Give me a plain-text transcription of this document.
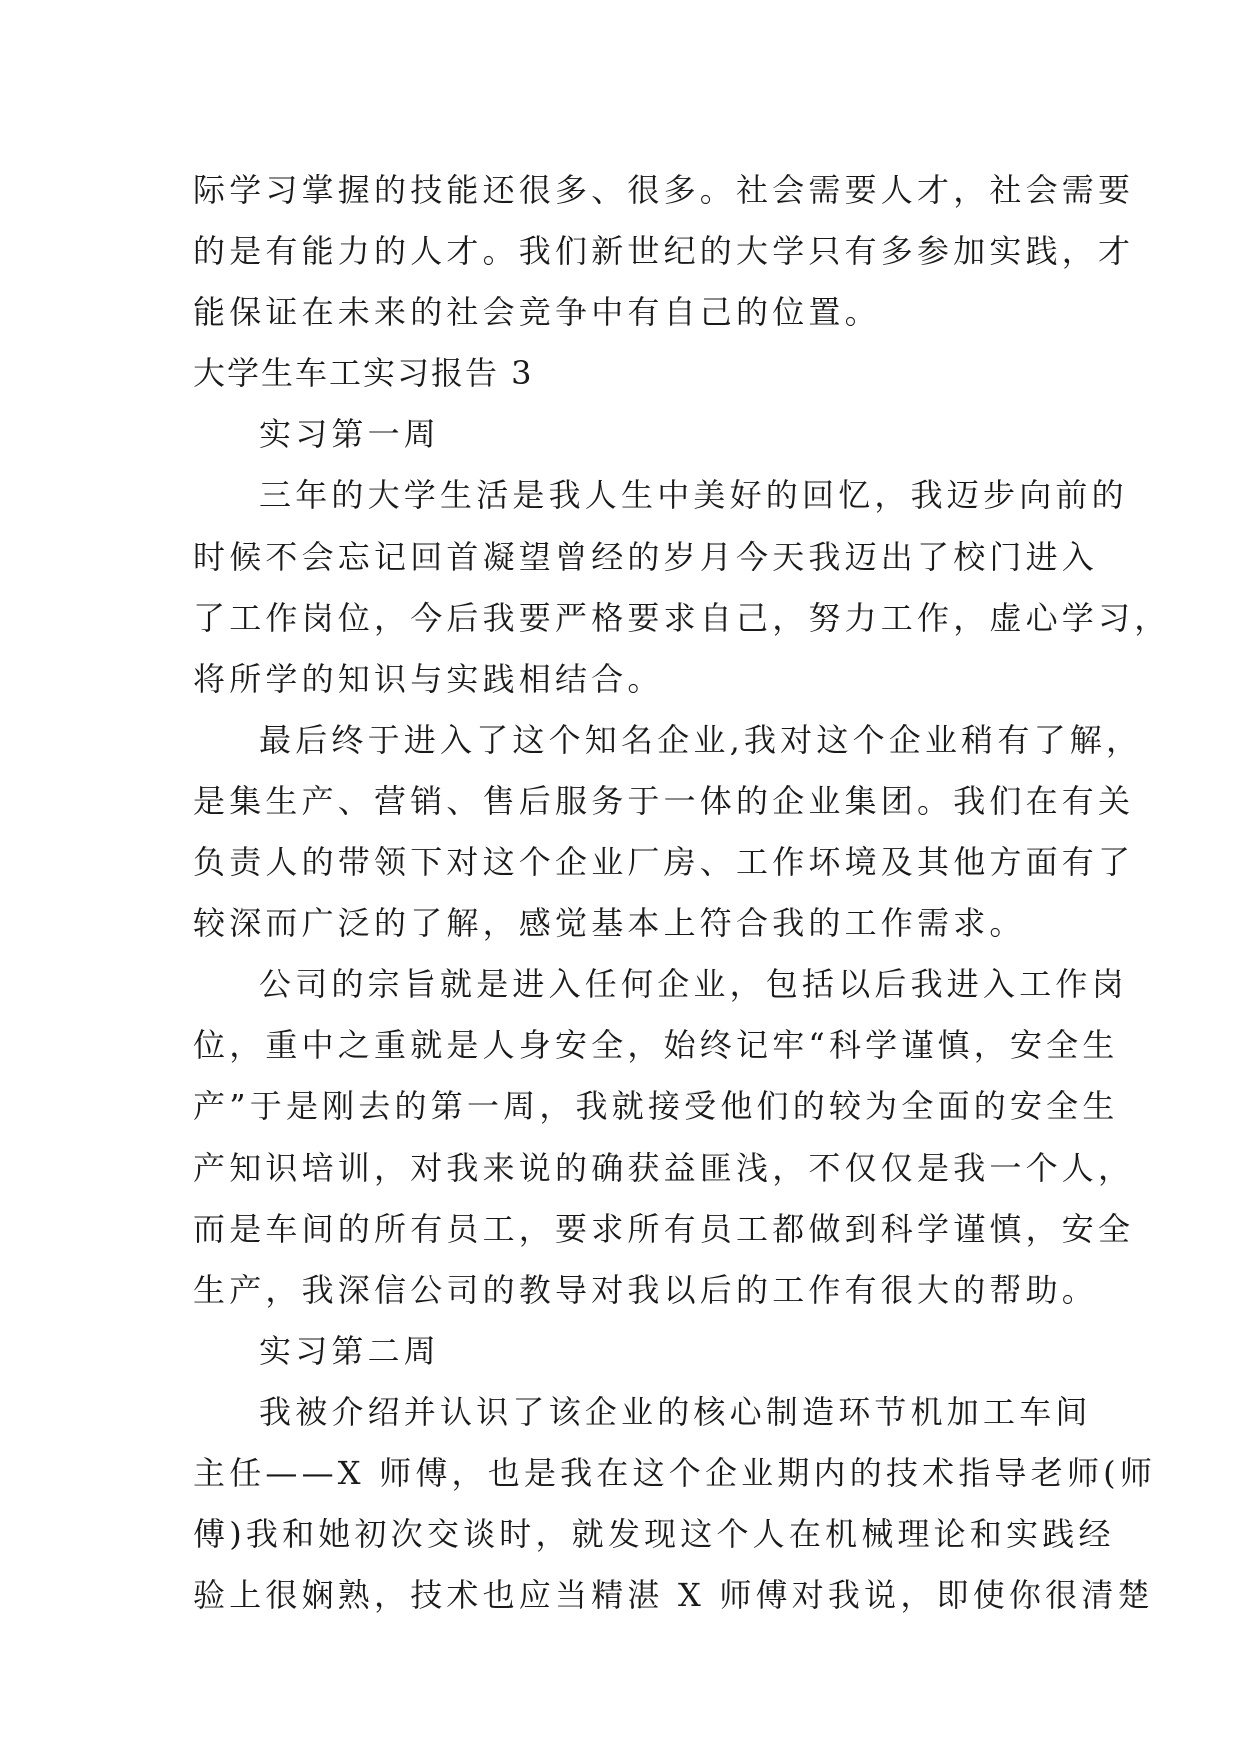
际学习掌握的技能还很多、很多。社会需要人才，社会需要
的是有能力的人才。我们新世纪的大学只有多参加实践，才
能保证在未来的社会竞争中有自己的位置。
大学生车工实习报告 3
实习第一周
三年的大学生活是我人生中美好的回忆，我迈步向前的
时候不会忘记回首凝望曾经的岁月今天我迈出了校门进入
了工作岗位，今后我要严格要求自己，努力工作，虚心学习，
将所学的知识与实践相结合。
最后终于进入了这个知名企业,我对这个企业稍有了解，
是集生产、营销、售后服务于一体的企业集团。我们在有关
负责人的带领下对这个企业厂房、工作坏境及其他方面有了
较深而广泛的了解，感觉基本上符合我的工作需求。
公司的宗旨就是进入任何企业，包括以后我进入工作岗
位，重中之重就是人身安全，始终记牢“科学谨慎，安全生
产”于是刚去的第一周，我就接受他们的较为全面的安全生
产知识培训，对我来说的确获益匪浅，不仅仅是我一个人，
而是车间的所有员工，要求所有员工都做到科学谨慎，安全
生产，我深信公司的教导对我以后的工作有很大的帮助。
实习第二周
我被介绍并认识了该企业的核心制造环节机加工车间
主任——X 师傅，也是我在这个企业期内的技术指导老师(师
傅)我和她初次交谈时，就发现这个人在机械理论和实践经
验上很娴熟，技术也应当精湛 X 师傅对我说，即使你很清楚
